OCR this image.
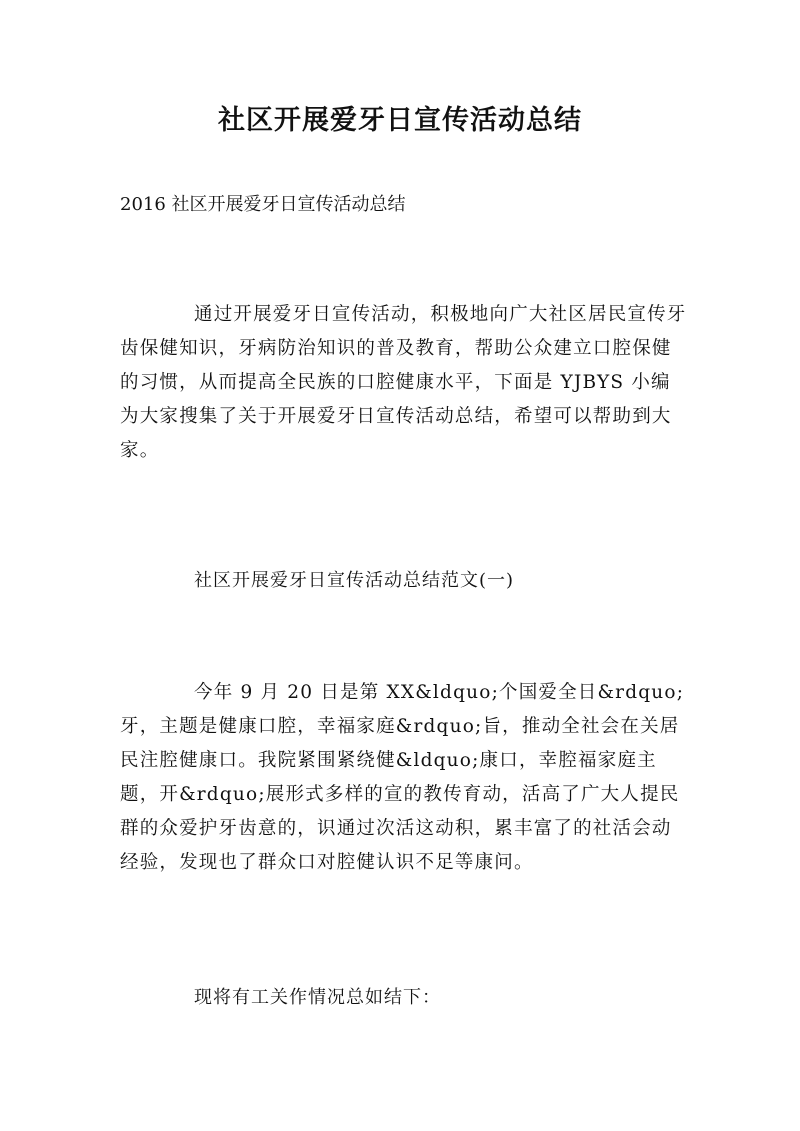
社区开展爱牙日宣传活动总结

2016 社区开展爱牙日宣传活动总结

通过开展爱牙日宣传活动，积极地向广大社区居民宣传牙齿保健知识，牙病防治知识的普及教育，帮助公众建立口腔保健的习惯，从而提高全民族的口腔健康水平，下面是 YJBYS 小编为大家搜集了关于开展爱牙日宣传活动总结，希望可以帮助到大家。

社区开展爱牙日宣传活动总结范文(一)

今年 9 月 20 日是第 XX&ldquo;个国爱全日&rdquo;牙，主题是健康口腔，幸福家庭&rdquo;旨，推动全社会在关居民注腔健康口。我院紧围紧绕健&ldquo;康口，幸腔福家庭主题，开&rdquo;展形式多样的宣的教传育动，活高了广大人提民群的众爱护牙齿意的，识通过次活这动积，累丰富了的社活会动经验，发现也了群众口对腔健认识不足等康问。

现将有工关作情况总如结下：
